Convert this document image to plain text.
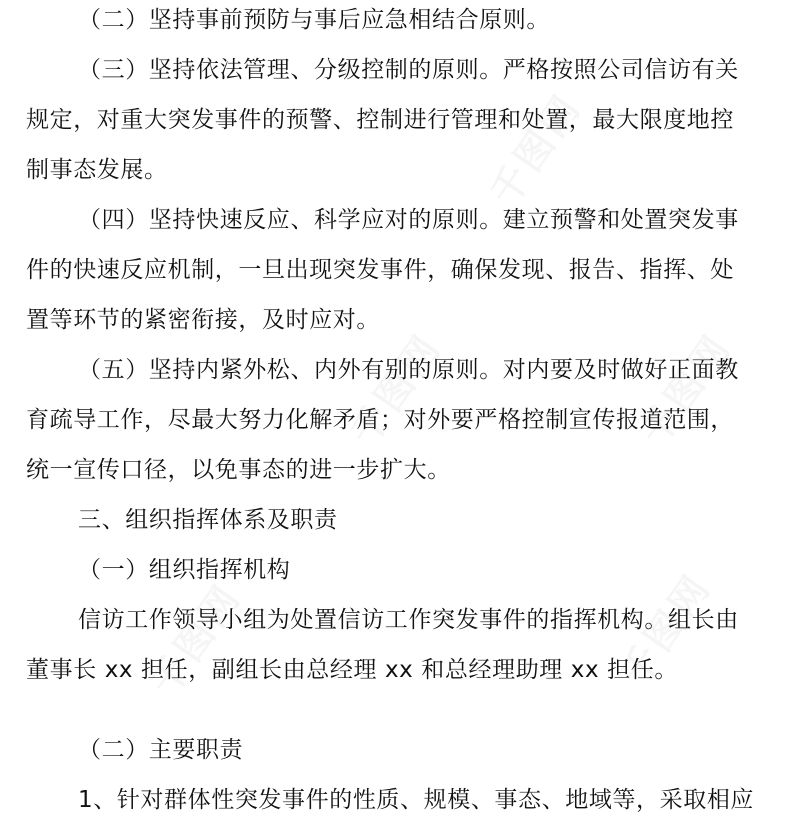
千图网
千图网	千图网
千图网	千图网
（二）坚持事前预防与事后应急相结合原则。
（三）坚持依法管理、分级控制的原则。严格按照公司信访有关
规定，对重大突发事件的预警、控制进行管理和处置，最大限度地控
制事态发展。
（四）坚持快速反应、科学应对的原则。建立预警和处置突发事
件的快速反应机制，一旦出现突发事件，确保发现、报告、指挥、处
置等环节的紧密衔接，及时应对。
（五）坚持内紧外松、内外有别的原则。对内要及时做好正面教
育疏导工作，尽最大努力化解矛盾；对外要严格控制宣传报道范围，
统一宣传口径，以免事态的进一步扩大。
三、组织指挥体系及职责
（一）组织指挥机构
信访工作领导小组为处置信访工作突发事件的指挥机构。组长由
董事长 xx 担任，副组长由总经理 xx 和总经理助理 xx 担任。
（二）主要职责
1、针对群体性突发事件的性质、规模、事态、地域等，采取相应
